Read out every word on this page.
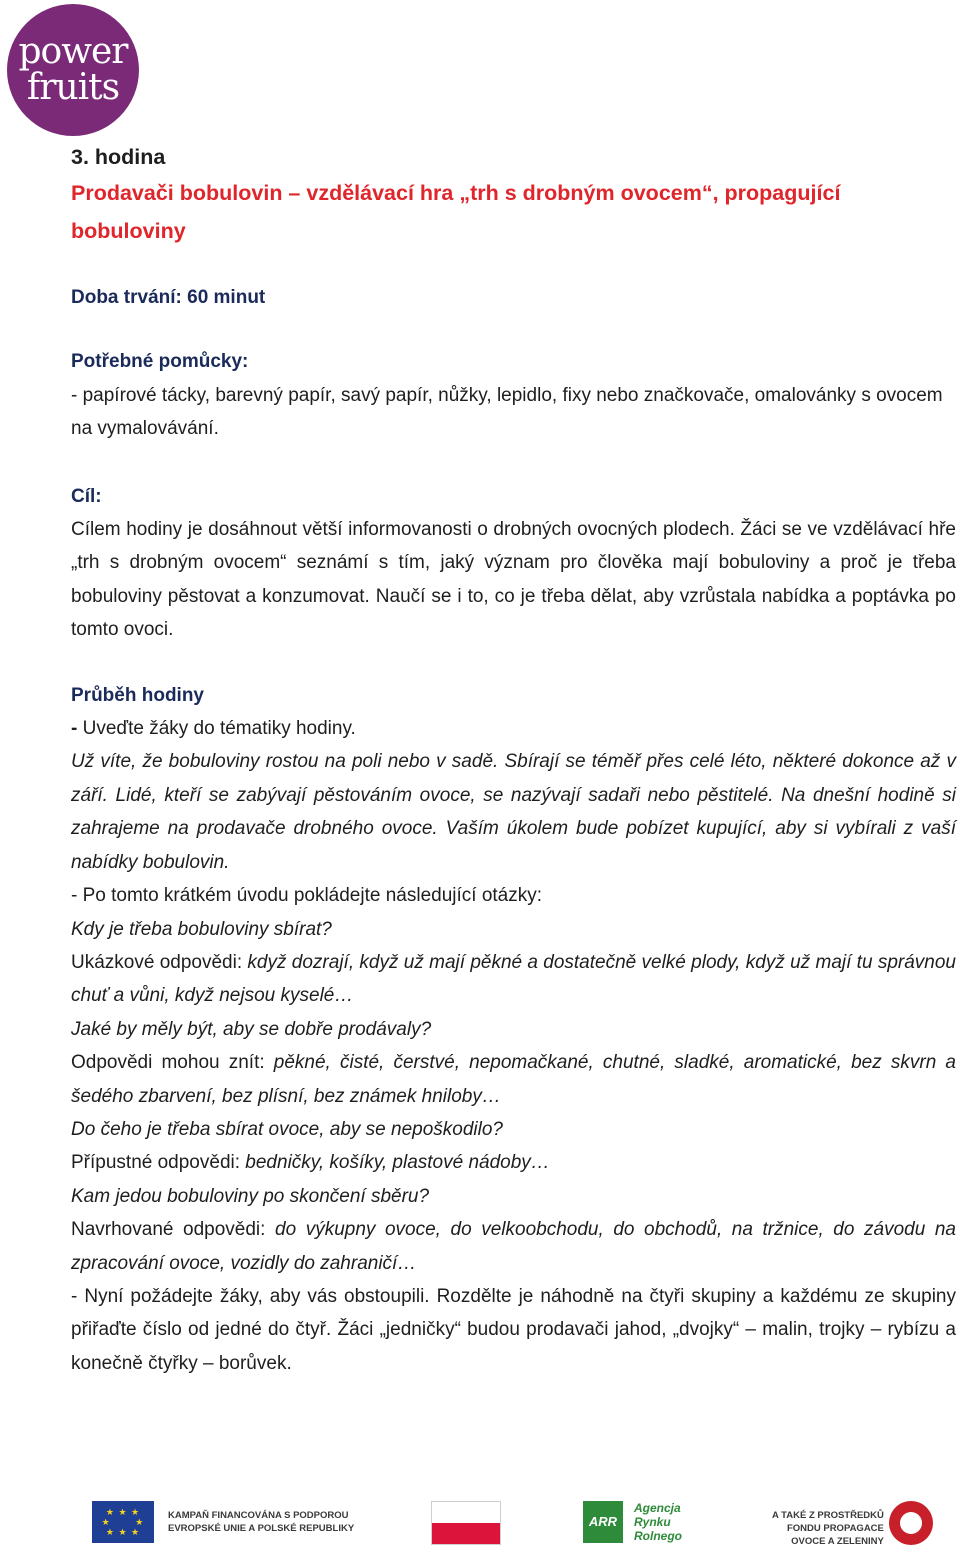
power
fruits

3. hodina

Prodavači bobulovin – vzdělávací hra „trh s drobným ovocem“, propagující bobuloviny

Doba trvání: 60 minut

Potřebné pomůcky:

- papírové tácky, barevný papír, savý papír, nůžky, lepidlo, fixy nebo značkovače, omalovánky s ovocem na vymalovávání.

Cíl:

Cílem hodiny je dosáhnout větší informovanosti o drobných ovocných plodech. Žáci se ve vzdělávací hře „trh s drobným ovocem“ seznámí s tím, jaký význam pro člověka mají bobuloviny a proč je třeba bobuloviny pěstovat a konzumovat. Naučí se i to, co je třeba dělat, aby vzrůstala nabídka a poptávka po tomto ovoci.

Průběh hodiny

- Uveďte žáky do tématiky hodiny.

Už víte, že bobuloviny rostou na poli nebo v sadě. Sbírají se téměř přes celé léto, některé dokonce až v září. Lidé, kteří se zabývají pěstováním ovoce, se nazývají sadaři nebo pěstitelé. Na dnešní hodině si zahrajeme na prodavače drobného ovoce. Vaším úkolem bude pobízet kupující, aby si vybírali z vaší nabídky bobulovin.

- Po tomto krátkém úvodu pokládejte následující otázky:

Kdy je třeba bobuloviny sbírat?

Ukázkové odpovědi: když dozrají, když už mají pěkné a dostatečně velké plody, když už mají tu správnou chuť a vůni, když nejsou kyselé…

Jaké by měly být, aby se dobře prodávaly?

Odpovědi mohou znít: pěkné, čisté, čerstvé, nepomačkané, chutné, sladké, aromatické, bez skvrn a šedého zbarvení, bez plísní, bez známek hniloby…

Do čeho je třeba sbírat ovoce, aby se nepoškodilo?

Přípustné odpovědi: bedničky, košíky, plastové nádoby…

Kam jedou bobuloviny po skončení sběru?

Navrhované odpovědi: do výkupny ovoce, do velkoobchodu, do obchodů, na tržnice, do závodu na zpracování ovoce, vozidly do zahraničí…

- Nyní požádejte žáky, aby vás obstoupili. Rozdělte je náhodně na čtyři skupiny a každému ze skupiny přiřaďte číslo od jedné do čtyř. Žáci „jedničky“ budou prodavači jahod, „dvojky“ – malin, trojky – rybízu a konečně čtyřky – borůvek.

★ ★ ★
★       ★
★ ★ ★
KAMPAŇ FINANCOVÁNA S PODPOROU
EVROPSKÉ UNIE A POLSKÉ REPUBLIKY	ARR
Agencja
Rynku
Rolnego
A TAKÉ Z PROSTŘEDKŮ
FONDU PROPAGACE
OVOCE A ZELENINY
